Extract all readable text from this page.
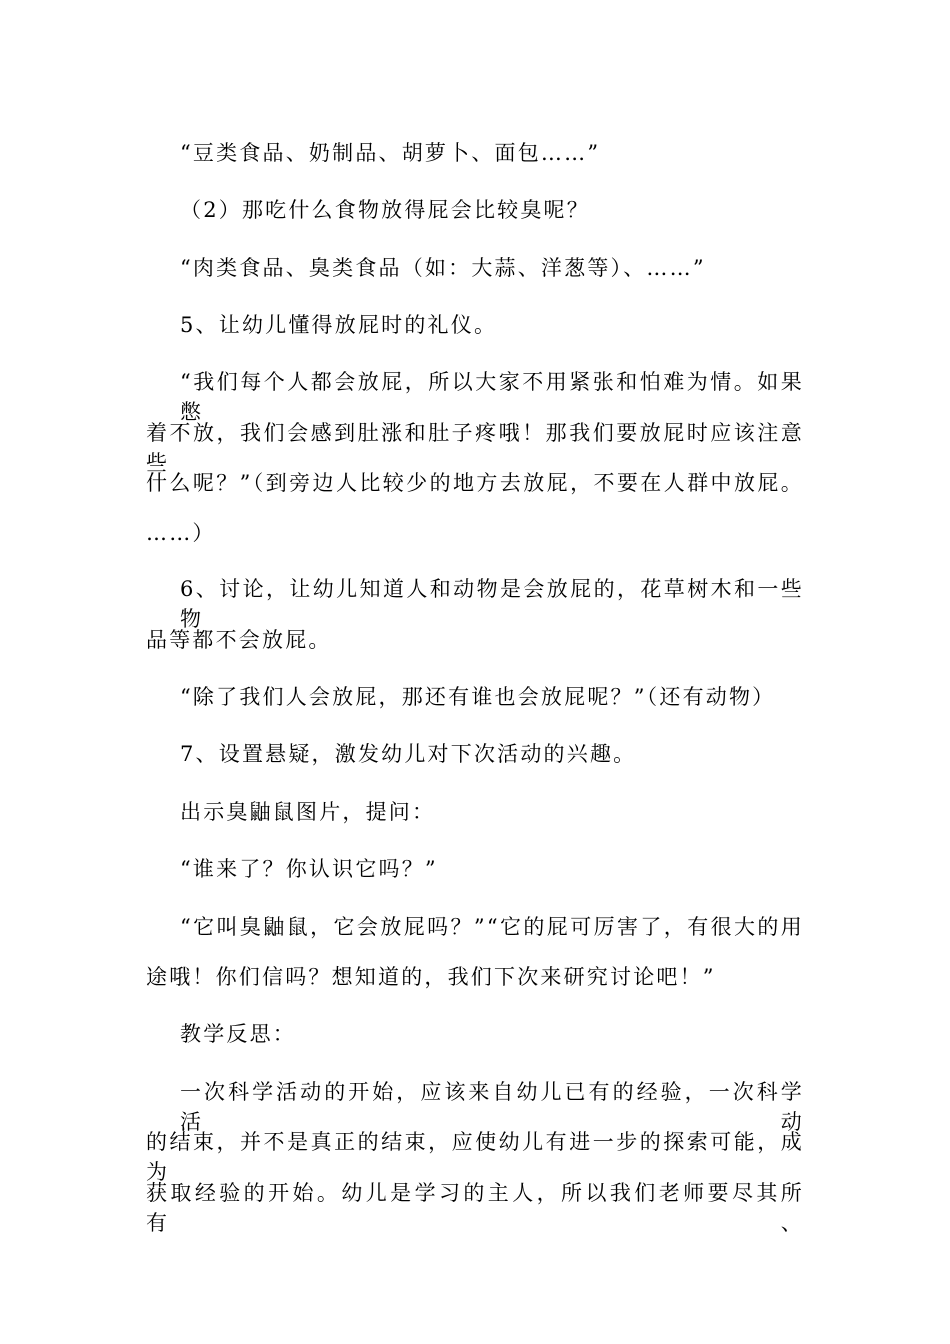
“豆类食品、奶制品、胡萝卜、面包……”
（2）那吃什么食物放得屁会比较臭呢？
“肉类食品、臭类食品（如：大蒜、洋葱等）、……”
5、让幼儿懂得放屁时的礼仪。
“我们每个人都会放屁，所以大家不用紧张和怕难为情。如果憋
着不放，我们会感到肚涨和肚子疼哦！那我们要放屁时应该注意些
什么呢？”（到旁边人比较少的地方去放屁，不要在人群中放屁。
……）
6、讨论，让幼儿知道人和动物是会放屁的，花草树木和一些物
品等都不会放屁。
“除了我们人会放屁，那还有谁也会放屁呢？”（还有动物）
7、设置悬疑，激发幼儿对下次活动的兴趣。
出示臭鼬鼠图片，提问：
“谁来了？你认识它吗？”
“它叫臭鼬鼠，它会放屁吗？”“它的屁可厉害了，有很大的用
途哦！你们信吗？想知道的，我们下次来研究讨论吧！”
教学反思：
一次科学活动的开始，应该来自幼儿已有的经验，一次科学活动
的结束，并不是真正的结束，应使幼儿有进一步的探索可能，成为
获取经验的开始。幼儿是学习的主人，所以我们老师要尽其所有、
